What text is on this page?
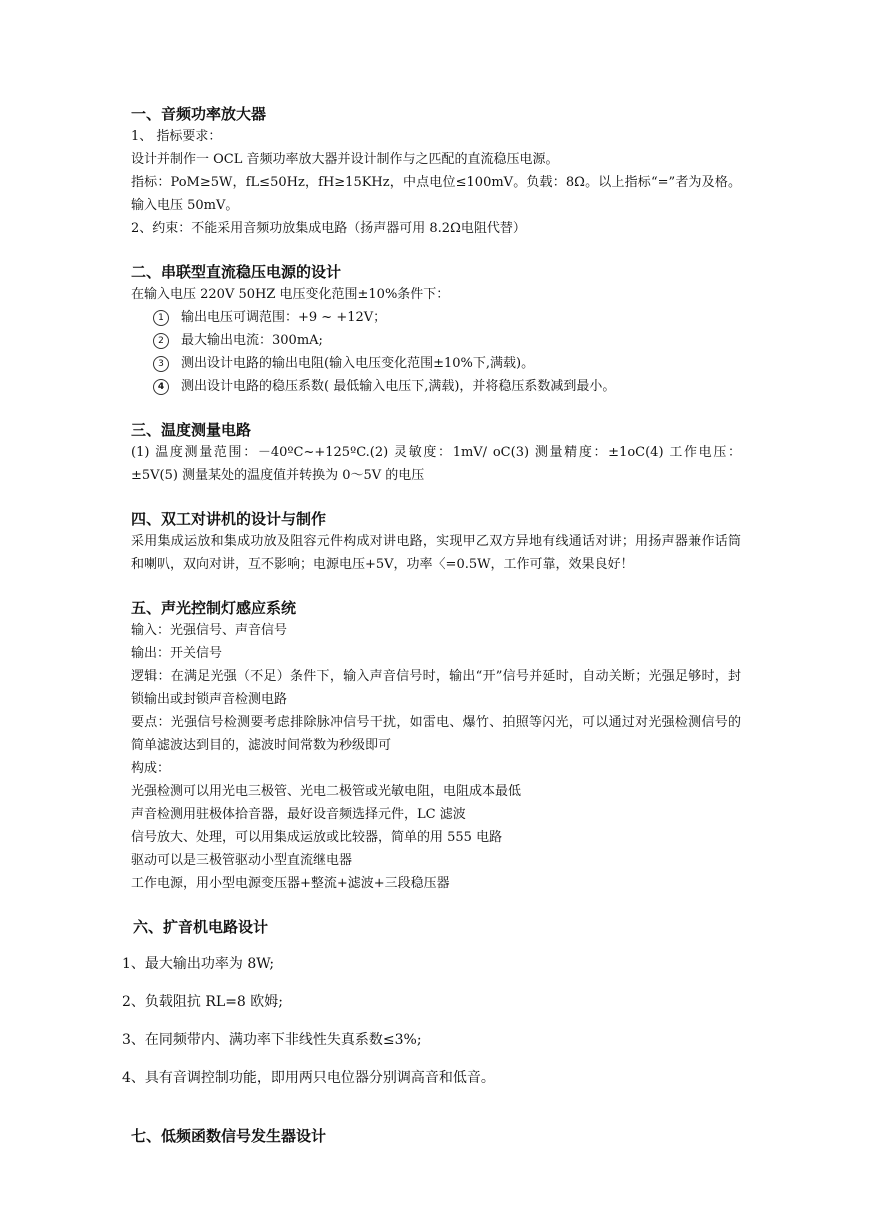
一、音频功率放大器

1、 指标要求：

设计并制作一 OCL 音频功率放大器并设计制作与之匹配的直流稳压电源。

指标：PoM≥5W，fL≤50Hz，fH≥15KHz，中点电位≤100mV。负载：8Ω。以上指标“=”者为及格。输入电压 50mV。

2、约束：不能采用音频功放集成电路（扬声器可用 8.2Ω电阻代替）

二、串联型直流稳压电源的设计

在输入电压 220V 50HZ 电压变化范围±10%条件下：

1	输出电压可调范围：+9 ~ +12V；
2	最大输出电流：300mA;
3	测出设计电路的输出电阻(输入电压变化范围±10%下,满载)。
4	测出设计电路的稳压系数( 最低输入电压下,满载)，并将稳压系数减到最小。

三、温度测量电路

(1) 温度测量范围：－40ºC~+125ºC.(2) 灵敏度：1mV/ oC(3) 测量精度：±1oC(4) 工作电压：±5V(5) 测量某处的温度值并转换为 0～5V 的电压

四、双工对讲机的设计与制作

采用集成运放和集成功放及阻容元件构成对讲电路，实现甲乙双方异地有线通话对讲；用扬声器兼作话筒和喇叭，双向对讲，互不影响；电源电压+5V，功率〈=0.5W，工作可靠，效果良好！

五、声光控制灯感应系统

输入：光强信号、声音信号

输出：开关信号

逻辑：在满足光强（不足）条件下，输入声音信号时，输出“开”信号并延时，自动关断；光强足够时，封锁输出或封锁声音检测电路

要点：光强信号检测要考虑排除脉冲信号干扰，如雷电、爆竹、拍照等闪光，可以通过对光强检测信号的简单滤波达到目的，滤波时间常数为秒级即可

构成：

光强检测可以用光电三极管、光电二极管或光敏电阻，电阻成本最低

声音检测用驻极体拾音器，最好设音频选择元件，LC 滤波

信号放大、处理，可以用集成运放或比较器，简单的用 555 电路

驱动可以是三极管驱动小型直流继电器

工作电源，用小型电源变压器+整流+滤波+三段稳压器

六、扩音机电路设计

1、最大输出功率为 8W;

2、负载阻抗 RL=8 欧姆;

3、在同频带内、满功率下非线性失真系数≤3%;

4、具有音调控制功能，即用两只电位器分别调高音和低音。

七、低频函数信号发生器设计
